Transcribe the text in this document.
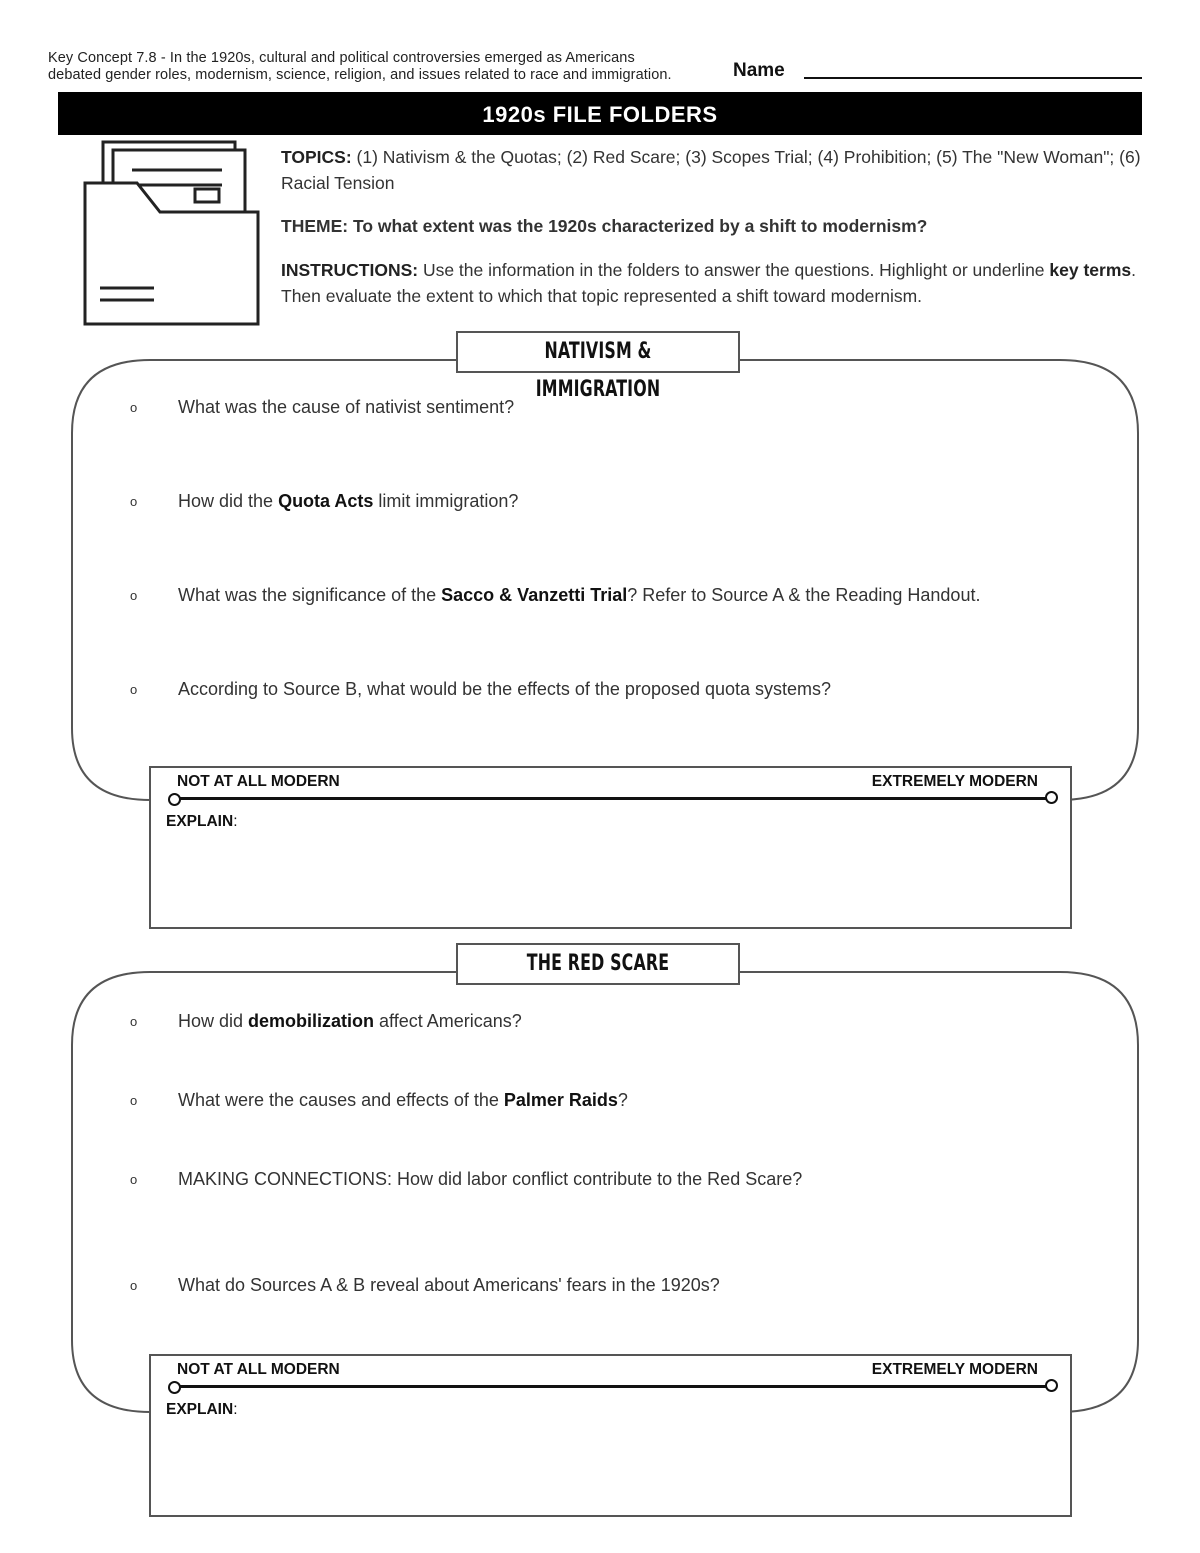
Key Concept 7.8 - In the 1920s, cultural and political controversies emerged as Americans
debated gender roles, modernism, science, religion, and issues related to race and immigration.	Name
1920s FILE FOLDERS
TOPICS: (1) Nativism & the Quotas; (2) Red Scare; (3) Scopes Trial; (4) Prohibition; (5) The "New Woman"; (6) Racial Tension
THEME: To what extent was the 1920s characterized by a shift to modernism?
INSTRUCTIONS: Use the information in the folders to answer the questions. Highlight or underline key terms. Then evaluate the extent to which that topic represented a shift toward modernism.
NATIVISM & IMMIGRATION
o What was the cause of nativist sentiment?
o How did the Quota Acts limit immigration?
o What was the significance of the Sacco & Vanzetti Trial? Refer to Source A & the Reading Handout.
o According to Source B, what would be the effects of the proposed quota systems?
NOT AT ALL MODERN	EXTREMELY MODERN
EXPLAIN:
THE RED SCARE
o How did demobilization affect Americans?
o What were the causes and effects of the Palmer Raids?
o MAKING CONNECTIONS: How did labor conflict contribute to the Red Scare?
o What do Sources A & B reveal about Americans' fears in the 1920s?
NOT AT ALL MODERN	EXTREMELY MODERN
EXPLAIN:
